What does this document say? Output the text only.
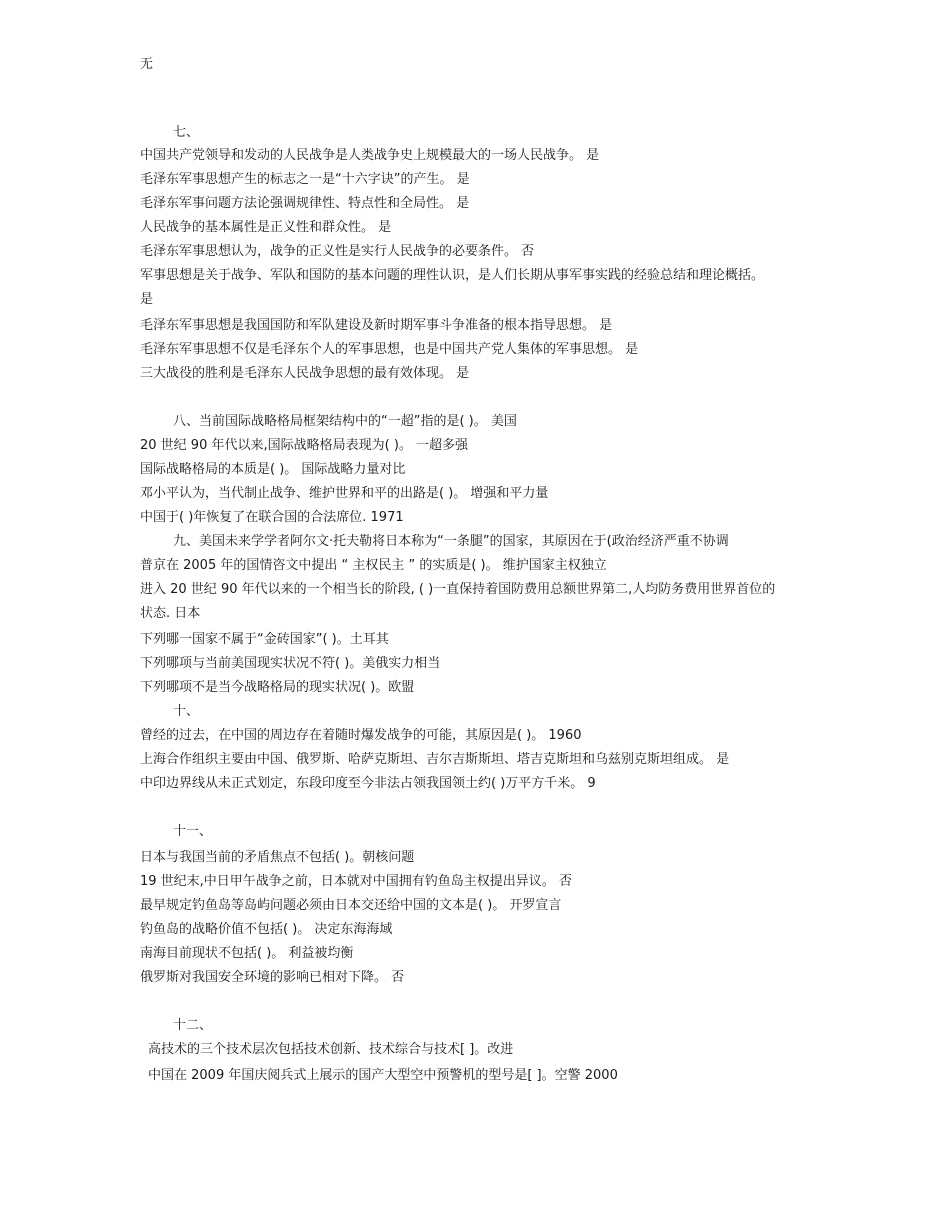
无

七、

中国共产党领导和发动的人民战争是人类战争史上规模最大的一场人民战争。 是

毛泽东军事思想产生的标志之一是“十六字诀”的产生。 是

毛泽东军事问题方法论强调规律性、特点性和全局性。 是

人民战争的基本属性是正义性和群众性。 是

毛泽东军事思想认为，战争的正义性是实行人民战争的必要条件。 否

军事思想是关于战争、军队和国防的基本问题的理性认识，是人们长期从事军事实践的经验总结和理论概括。

是

毛泽东军事思想是我国国防和军队建设及新时期军事斗争准备的根本指导思想。 是

毛泽东军事思想不仅是毛泽东个人的军事思想，也是中国共产党人集体的军事思想。 是

三大战役的胜利是毛泽东人民战争思想的最有效体现。 是

八、当前国际战略格局框架结构中的“一超”指的是( )。 美国

20 世纪 90 年代以来,国际战略格局表现为( )。 一超多强

国际战略格局的本质是( )。 国际战略力量对比

邓小平认为，当代制止战争、维护世界和平的出路是( )。 增强和平力量

中国于( )年恢复了在联合国的合法席位. 1971

九、美国未来学学者阿尔文·托夫勒将日本称为“一条腿”的国家，其原因在于(政治经济严重不协调

普京在 2005 年的国情咨文中提出 “ 主权民主 ” 的实质是( )。 维护国家主权独立

进入 20 世纪 90 年代以来的一个相当长的阶段, ( )一直保持着国防费用总额世界第二,人均防务费用世界首位的

状态. 日本

下列哪一国家不属于“金砖国家”( )。土耳其

下列哪项与当前美国现实状况不符( )。美俄实力相当

下列哪项不是当今战略格局的现实状况( )。欧盟

十、

曾经的过去，在中国的周边存在着随时爆发战争的可能，其原因是( )。 1960

上海合作组织主要由中国、俄罗斯、哈萨克斯坦、吉尔吉斯斯坦、塔吉克斯坦和乌兹别克斯坦组成。 是

中印边界线从未正式划定，东段印度至今非法占领我国领土约( )万平方千米。 9

十一、

日本与我国当前的矛盾焦点不包括( )。朝核问题

19 世纪末,中日甲午战争之前，日本就对中国拥有钓鱼岛主权提出异议。 否

最早规定钓鱼岛等岛屿问题必须由日本交还给中国的文本是( )。 开罗宣言

钓鱼岛的战略价值不包括( )。 决定东海海域

南海目前现状不包括( )。 利益被均衡

俄罗斯对我国安全环境的影响已相对下降。 否

十二、

高技术的三个技术层次包括技术创新、技术综合与技术[ ]。改进

中国在 2009 年国庆阅兵式上展示的国产大型空中预警机的型号是[ ]。空警 2000
